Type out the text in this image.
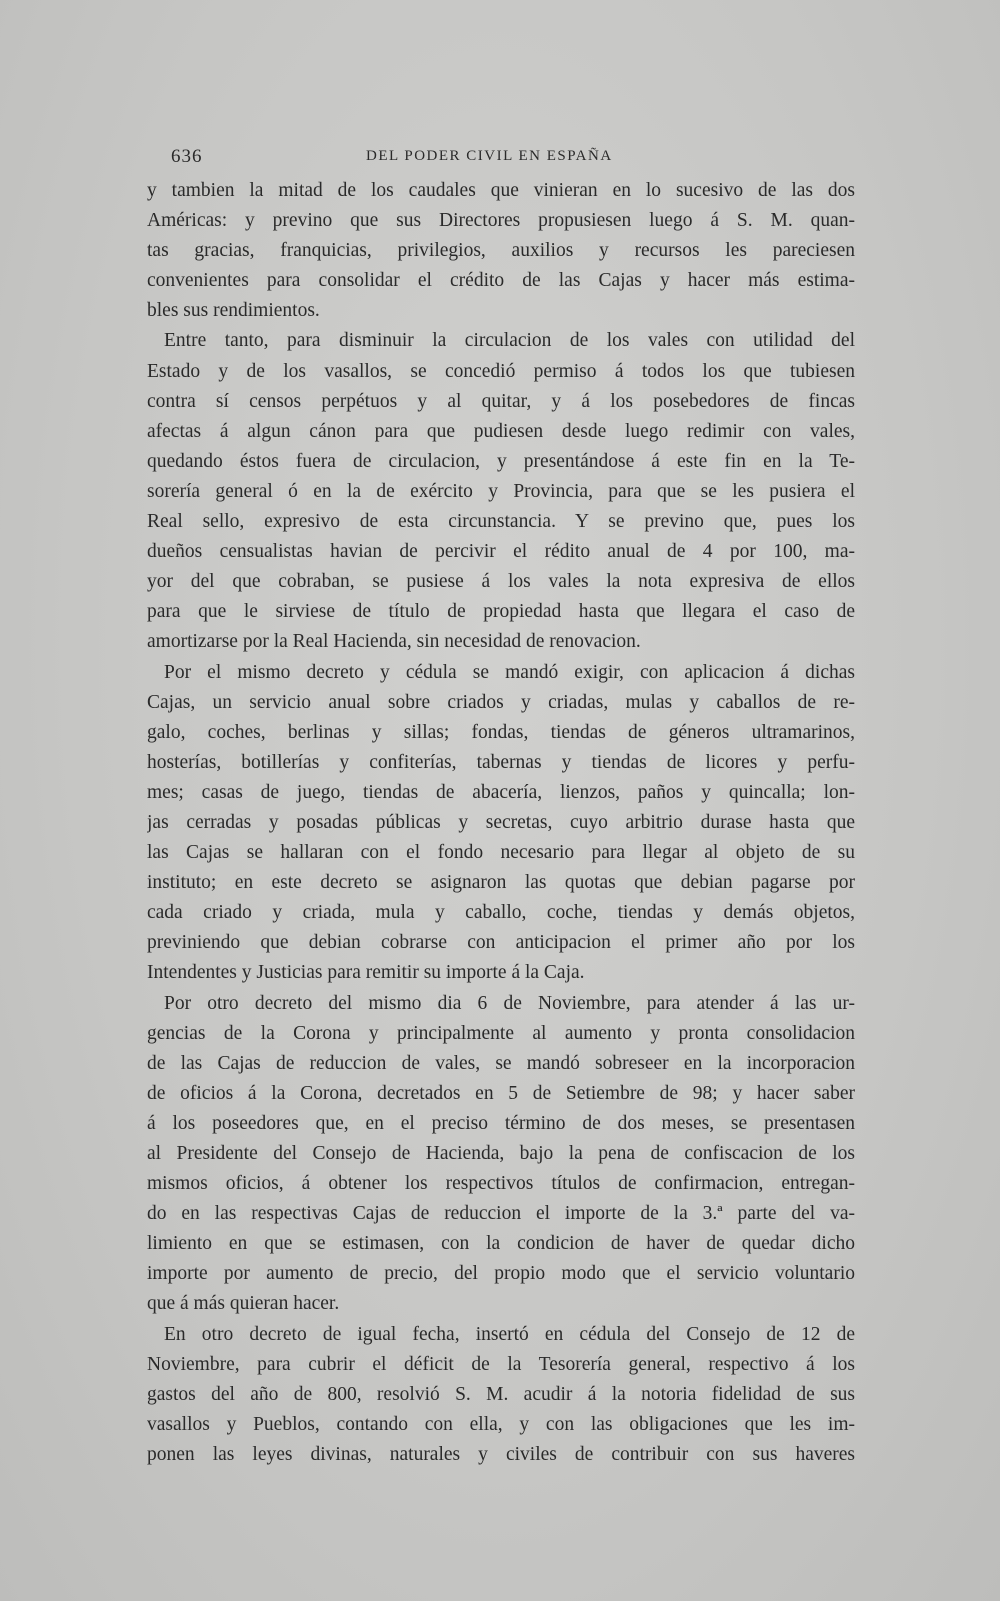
636	DEL PODER CIVIL EN ESPAÑA
y tambien la mitad de los caudales que vinieran en lo sucesivo de las dos
Américas: y previno que sus Directores propusiesen luego á S. M. quan-
tas gracias, franquicias, privilegios, auxilios y recursos les pareciesen
convenientes para consolidar el crédito de las Cajas y hacer más estima-
bles sus rendimientos.
Entre tanto, para disminuir la circulacion de los vales con utilidad del
Estado y de los vasallos, se concedió permiso á todos los que tubiesen
contra sí censos perpétuos y al quitar, y á los posebedores de fincas
afectas á algun cánon para que pudiesen desde luego redimir con vales,
quedando éstos fuera de circulacion, y presentándose á este fin en la Te-
sorería general ó en la de exército y Provincia, para que se les pusiera el
Real sello, expresivo de esta circunstancia. Y se previno que, pues los
dueños censualistas havian de percivir el rédito anual de 4 por 100, ma-
yor del que cobraban, se pusiese á los vales la nota expresiva de ellos
para que le sirviese de título de propiedad hasta que llegara el caso de
amortizarse por la Real Hacienda, sin necesidad de renovacion.
Por el mismo decreto y cédula se mandó exigir, con aplicacion á dichas
Cajas, un servicio anual sobre criados y criadas, mulas y caballos de re-
galo, coches, berlinas y sillas; fondas, tiendas de géneros ultramarinos,
hosterías, botillerías y confiterías, tabernas y tiendas de licores y perfu-
mes; casas de juego, tiendas de abacería, lienzos, paños y quincalla; lon-
jas cerradas y posadas públicas y secretas, cuyo arbitrio durase hasta que
las Cajas se hallaran con el fondo necesario para llegar al objeto de su
instituto; en este decreto se asignaron las quotas que debian pagarse por
cada criado y criada, mula y caballo, coche, tiendas y demás objetos,
previniendo que debian cobrarse con anticipacion el primer año por los
Intendentes y Justicias para remitir su importe á la Caja.
Por otro decreto del mismo dia 6 de Noviembre, para atender á las ur-
gencias de la Corona y principalmente al aumento y pronta consolidacion
de las Cajas de reduccion de vales, se mandó sobreseer en la incorporacion
de oficios á la Corona, decretados en 5 de Setiembre de 98; y hacer saber
á los poseedores que, en el preciso término de dos meses, se presentasen
al Presidente del Consejo de Hacienda, bajo la pena de confiscacion de los
mismos oficios, á obtener los respectivos títulos de confirmacion, entregan-
do en las respectivas Cajas de reduccion el importe de la 3.ª parte del va-
limiento en que se estimasen, con la condicion de haver de quedar dicho
importe por aumento de precio, del propio modo que el servicio voluntario
que á más quieran hacer.
En otro decreto de igual fecha, insertó en cédula del Consejo de 12 de
Noviembre, para cubrir el déficit de la Tesorería general, respectivo á los
gastos del año de 800, resolvió S. M. acudir á la notoria fidelidad de sus
vasallos y Pueblos, contando con ella, y con las obligaciones que les im-
ponen las leyes divinas, naturales y civiles de contribuir con sus haveres
